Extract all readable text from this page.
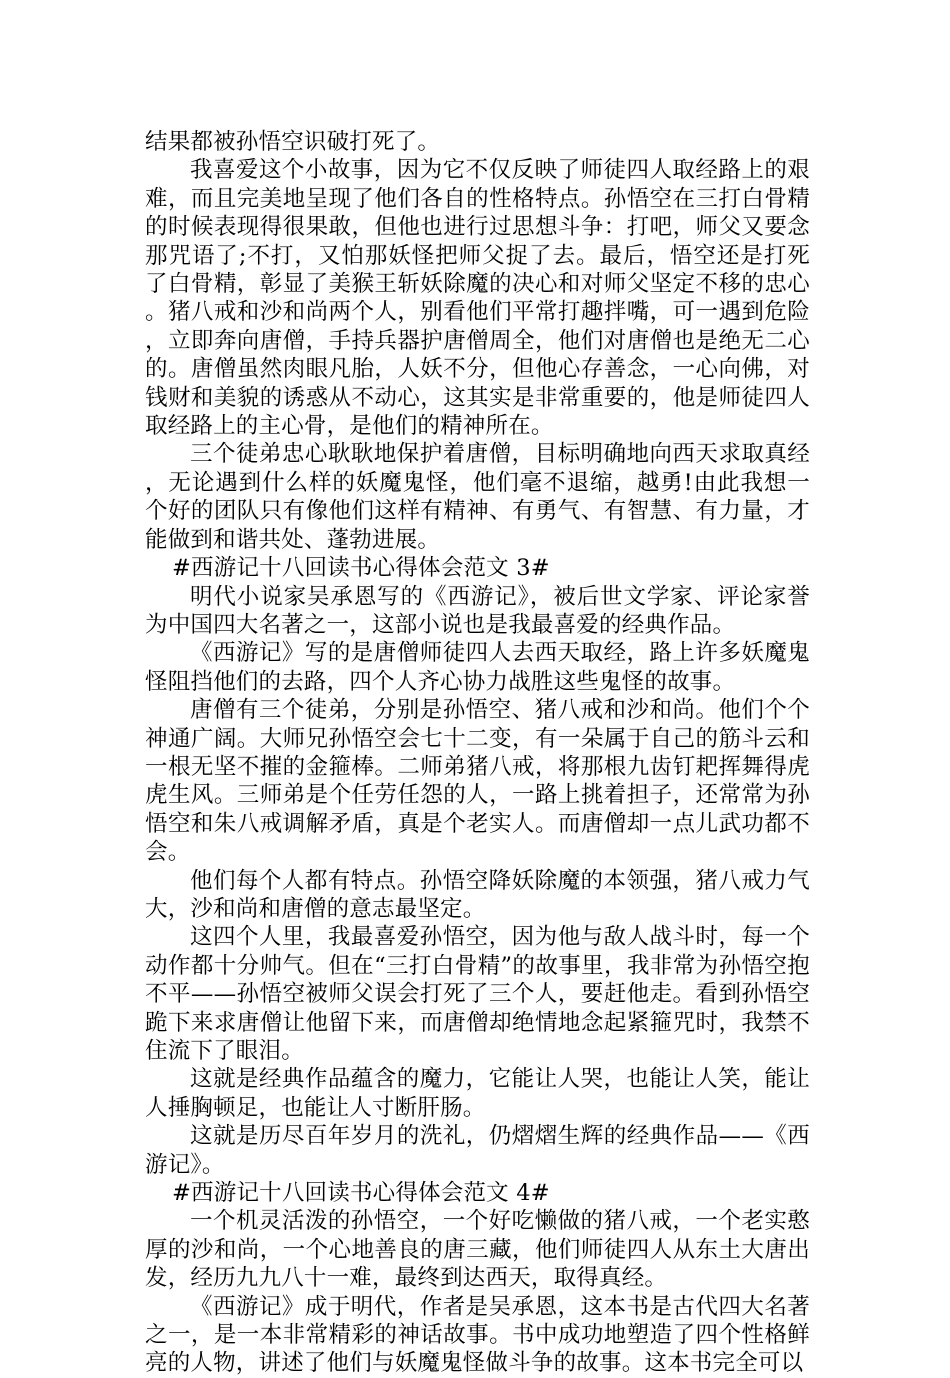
结果都被孙悟空识破打死了。

我喜爱这个小故事，因为它不仅反映了师徒四人取经路上的艰难，而且完美地呈现了他们各自的性格特点。孙悟空在三打白骨精的时候表现得很果敢，但他也进行过思想斗争：打吧，师父又要念那咒语了;不打，又怕那妖怪把师父捉了去。最后，悟空还是打死了白骨精，彰显了美猴王斩妖除魔的决心和对师父坚定不移的忠心。猪八戒和沙和尚两个人，别看他们平常打趣拌嘴，可一遇到危险，立即奔向唐僧，手持兵器护唐僧周全，他们对唐僧也是绝无二心的。唐僧虽然肉眼凡胎，人妖不分，但他心存善念，一心向佛，对钱财和美貌的诱惑从不动心，这其实是非常重要的，他是师徒四人取经路上的主心骨，是他们的精神所在。

三个徒弟忠心耿耿地保护着唐僧，目标明确地向西天求取真经，无论遇到什么样的妖魔鬼怪，他们毫不退缩，越勇!由此我想一个好的团队只有像他们这样有精神、有勇气、有智慧、有力量，才能做到和谐共处、蓬勃进展。

#西游记十八回读书心得体会范文 3#

明代小说家吴承恩写的《西游记》，被后世文学家、评论家誉为中国四大名著之一，这部小说也是我最喜爱的经典作品。

《西游记》写的是唐僧师徒四人去西天取经，路上许多妖魔鬼怪阻挡他们的去路，四个人齐心协力战胜这些鬼怪的故事。

唐僧有三个徒弟，分别是孙悟空、猪八戒和沙和尚。他们个个神通广阔。大师兄孙悟空会七十二变，有一朵属于自己的筋斗云和一根无坚不摧的金箍棒。二师弟猪八戒，将那根九齿钉耙挥舞得虎虎生风。三师弟是个任劳任怨的人，一路上挑着担子，还常常为孙悟空和朱八戒调解矛盾，真是个老实人。而唐僧却一点儿武功都不会。

他们每个人都有特点。孙悟空降妖除魔的本领强，猪八戒力气大，沙和尚和唐僧的意志最坚定。

这四个人里，我最喜爱孙悟空，因为他与敌人战斗时，每一个动作都十分帅气。但在“三打白骨精”的故事里，我非常为孙悟空抱不平——孙悟空被师父误会打死了三个人，要赶他走。看到孙悟空跪下来求唐僧让他留下来，而唐僧却绝情地念起紧箍咒时，我禁不住流下了眼泪。

这就是经典作品蕴含的魔力，它能让人哭，也能让人笑，能让人捶胸顿足，也能让人寸断肝肠。

这就是历尽百年岁月的洗礼，仍熠熠生辉的经典作品——《西游记》。

#西游记十八回读书心得体会范文 4#

一个机灵活泼的孙悟空，一个好吃懒做的猪八戒，一个老实憨厚的沙和尚，一个心地善良的唐三藏，他们师徒四人从东土大唐出发，经历九九八十一难，最终到达西天，取得真经。

《西游记》成于明代，作者是吴承恩，这本书是古代四大名著之一，是一本非常精彩的神话故事。书中成功地塑造了四个性格鲜亮的人物，讲述了他们与妖魔鬼怪做斗争的故事。这本书完全可以
